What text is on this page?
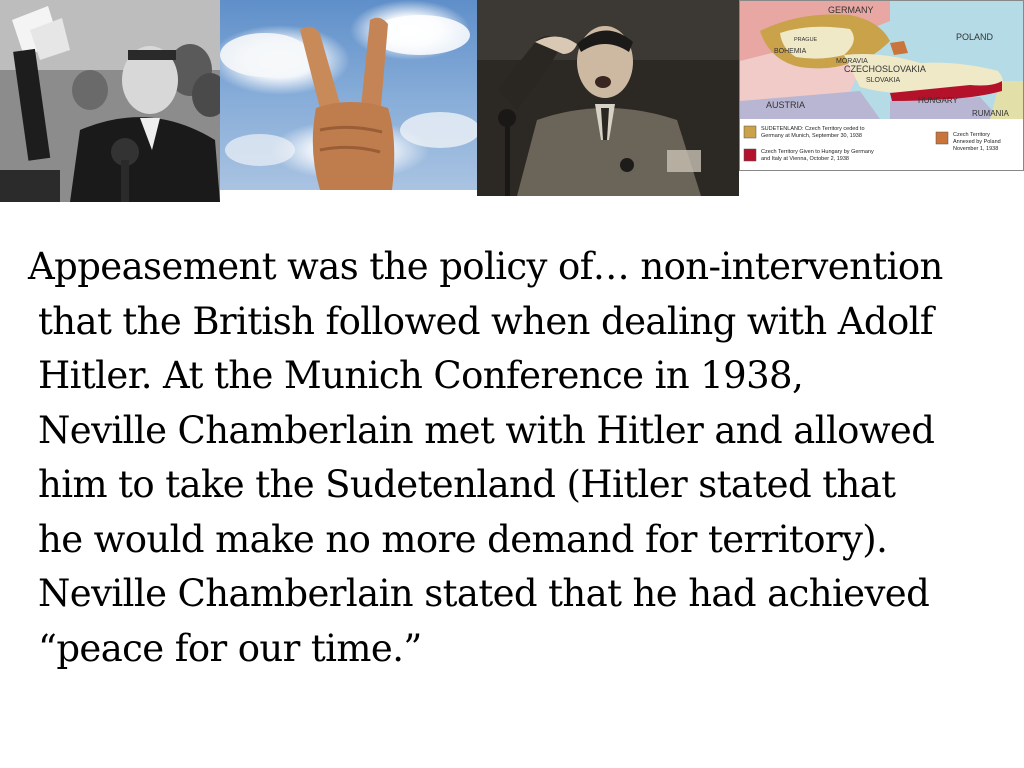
GERMANY
POLAND
PRAGUE
BOHEMIA
MORAVIA
CZECHOSLOVAKIA
SLOVAKIA
AUSTRIA	HUNGARY
RUMANIA
SUDETENLAND: Czech Territory ceded to
Germany at Munich, September 30, 1938
Czech Territory Given to Hungary by Germany
and Italy at Vienna, October 2, 1938
Czech Territory
Annexed by Poland
November 1, 1938

Appeasement was the policy of… non-intervention
that the British followed when dealing with Adolf
Hitler. At the Munich Conference in 1938,
Neville Chamberlain met with Hitler and allowed
him to take the Sudetenland (Hitler stated that
he would make no more demand for territory).
Neville Chamberlain stated that he had achieved
“peace for our time.”
